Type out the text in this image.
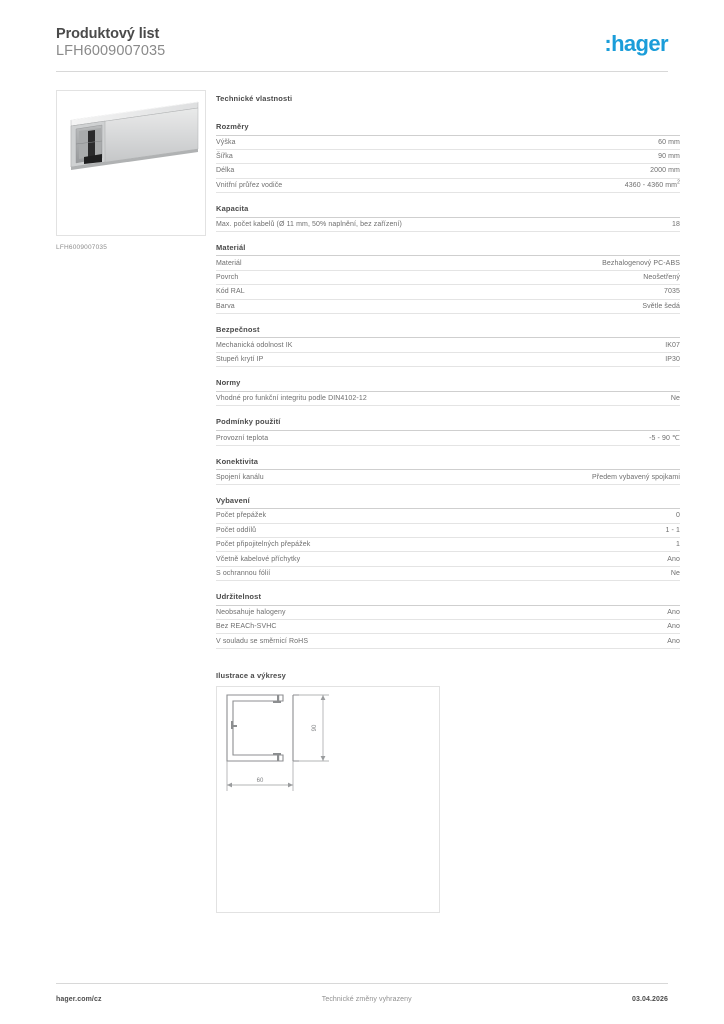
Produktový list
LFH6009007035	:hager
LFH6009007035
Technické vlastnosti
Rozměry
Výška	60 mm
Šířka	90 mm
Délka	2000 mm
Vnitřní průřez vodiče	4360 - 4360 $mm^2$
Kapacita
Max. počet kabelů (Ø 11 mm, 50% naplnění, bez zařízení)	18
Materiál
Materiál	Bezhalogenový PC-ABS
Povrch	Neošetřený
Kód RAL	7035
Barva	Světle šedá
Bezpečnost
Mechanická odolnost IK	IK07
Stupeň krytí IP	IP30
Normy
Vhodné pro funkční integritu podle DIN4102-12	Ne
Podmínky použití
Provozní teplota	-5 - 90 ℃
Konektivita
Spojení kanálu	Předem vybavený spojkami
Vybavení
Počet přepážek	0
Počet oddílů	1 - 1
Počet připojitelných přepážek	1
Včetně kabelové příchytky	Ano
S ochrannou fólií	Ne
Udržitelnost
Neobsahuje halogeny	Ano
Bez REACh-SVHC	Ano
V souladu se směrnicí RoHS	Ano
Ilustrace a výkresy
90
60
hager.com/cz	Technické změny vyhrazeny	03.04.2026
